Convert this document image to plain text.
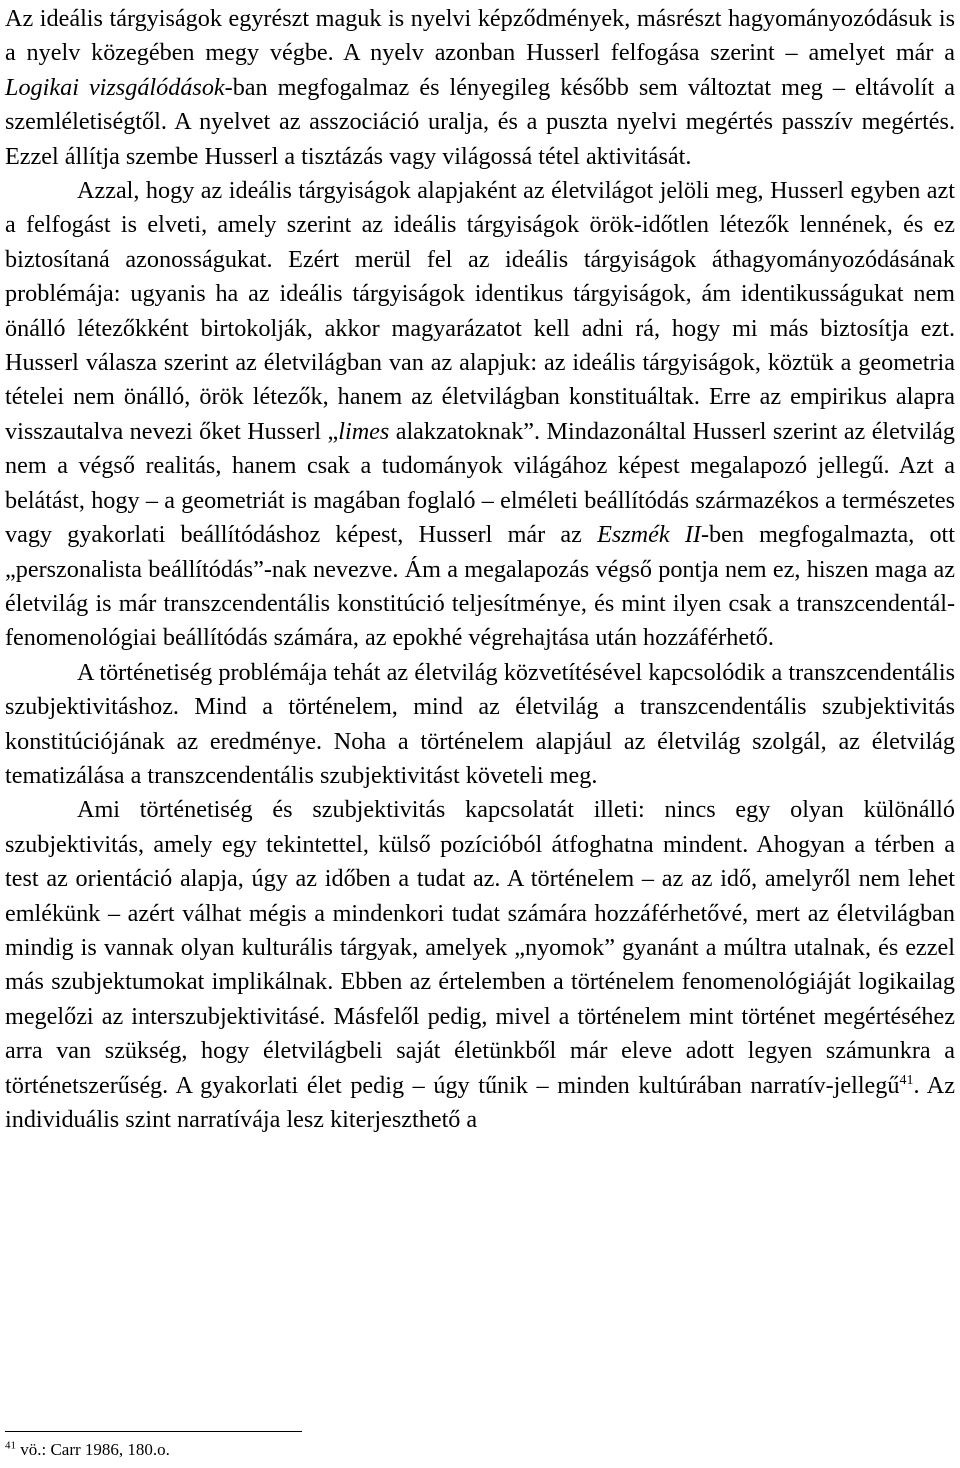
Az ideális tárgyiságok egyrészt maguk is nyelvi képződmények, másrészt hagyományozódásuk is a nyelv közegében megy végbe. A nyelv azonban Husserl felfogása szerint – amelyet már a Logikai vizsgálódások-ban megfogalmaz és lényegileg később sem változtat meg – eltávolít a szemléletiségtől. A nyelvet az asszociáció uralja, és a puszta nyelvi megértés passzív megértés. Ezzel állítja szembe Husserl a tisztázás vagy világossá tétel aktivitását.

Azzal, hogy az ideális tárgyiságok alapjaként az életvilágot jelöli meg, Husserl egyben azt a felfogást is elveti, amely szerint az ideális tárgyiságok örök-időtlen létezők lennének, és ez biztosítaná azonosságukat. Ezért merül fel az ideális tárgyiságok áthagyományozódásának problémája: ugyanis ha az ideális tárgyiságok identikus tárgyiságok, ám identikusságukat nem önálló létezőkként birtokolják, akkor magyarázatot kell adni rá, hogy mi más biztosítja ezt. Husserl válasza szerint az életvilágban van az alapjuk: az ideális tárgyiságok, köztük a geometria tételei nem önálló, örök létezők, hanem az életvilágban konstituáltak. Erre az empirikus alapra visszautalva nevezi őket Husserl „limes alakzatoknak”. Mindazonáltal Husserl szerint az életvilág nem a végső realitás, hanem csak a tudományok világához képest megalapozó jellegű. Azt a belátást, hogy – a geometriát is magában foglaló – elméleti beállítódás származékos a természetes vagy gyakorlati beállítódáshoz képest, Husserl már az Eszmék II-ben megfogalmazta, ott „perszonalista beállítódás”-nak nevezve. Ám a megalapozás végső pontja nem ez, hiszen maga az életvilág is már transzcendentális konstitúció teljesítménye, és mint ilyen csak a transzcendentál-fenomenológiai beállítódás számára, az epokhé végrehajtása után hozzáférhető.

A történetiség problémája tehát az életvilág közvetítésével kapcsolódik a transzcendentális szubjektivitáshoz. Mind a történelem, mind az életvilág a transzcendentális szubjektivitás konstitúciójának az eredménye. Noha a történelem alapjául az életvilág szolgál, az életvilág tematizálása a transzcendentális szubjektivitást követeli meg.

Ami történetiség és szubjektivitás kapcsolatát illeti: nincs egy olyan különálló szubjektivitás, amely egy tekintettel, külső pozícióból átfoghatna mindent. Ahogyan a térben a test az orientáció alapja, úgy az időben a tudat az. A történelem – az az idő, amelyről nem lehet emlékünk – azért válhat mégis a mindenkori tudat számára hozzáférhetővé, mert az életvilágban mindig is vannak olyan kulturális tárgyak, amelyek „nyomok” gyanánt a múltra utalnak, és ezzel más szubjektumokat implikálnak. Ebben az értelemben a történelem fenomenológiáját logikailag megelőzi az interszubjektivitásé. Másfelől pedig, mivel a történelem mint történet megértéséhez arra van szükség, hogy életvilágbeli saját életünkből már eleve adott legyen számunkra a történetszerűség. A gyakorlati élet pedig – úgy tűnik – minden kultúrában narratív-jellegű$^{41}$. Az individuális szint narratívája lesz kiterjeszthető a

$^{41}$ vö.: Carr 1986, 180.o.
